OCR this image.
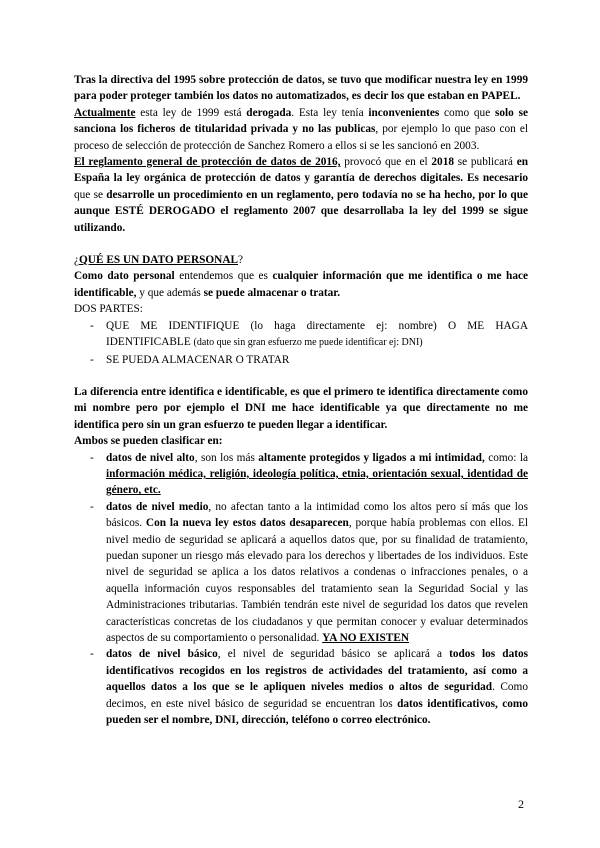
Tras la directiva del 1995 sobre protección de datos, se tuvo que modificar nuestra ley en 1999 para poder proteger también los datos no automatizados, es decir los que estaban en PAPEL.

Actualmente esta ley de 1999 está derogada. Esta ley tenía inconvenientes como que solo se sanciona los ficheros de titularidad privada y no las publicas, por ejemplo lo que paso con el proceso de selección de protección de Sanchez Romero a ellos si se les sancionó en 2003.

El reglamento general de protección de datos de 2016, provocó que en el 2018 se publicará en España la ley orgánica de protección de datos y garantía de derechos digitales. Es necesario que se desarrolle un procedimiento en un reglamento, pero todavía no se ha hecho, por lo que aunque ESTÉ DEROGADO el reglamento 2007 que desarrollaba la ley del 1999 se sigue utilizando.

¿QUÉ ES UN DATO PERSONAL?

Como dato personal entendemos que es cualquier información que me identifica o me hace identificable, y que además se puede almacenar o tratar.

DOS PARTES:

- QUE ME IDENTIFIQUE (lo haga directamente ej: nombre) O ME HAGA IDENTIFICABLE (dato que sin gran esfuerzo me puede identificar ej: DNI)
- SE PUEDA ALMACENAR O TRATAR

La diferencia entre identifica e identificable, es que el primero te identifica directamente como mi nombre pero por ejemplo el DNI me hace identificable ya que directamente no me identifica pero sin un gran esfuerzo te pueden llegar a identificar.

Ambos se pueden clasificar en:

- datos de nivel alto, son los más altamente protegidos y ligados a mi intimidad, como: la información médica, religión, ideología política, etnia, orientación sexual, identidad de género, etc.
- datos de nivel medio, no afectan tanto a la intimidad como los altos pero sí más que los básicos. Con la nueva ley estos datos desaparecen, porque había problemas con ellos. El nivel medio de seguridad se aplicará a aquellos datos que, por su finalidad de tratamiento, puedan suponer un riesgo más elevado para los derechos y libertades de los individuos. Este nivel de seguridad se aplica a los datos relativos a condenas o infracciones penales, o a aquella información cuyos responsables del tratamiento sean la Seguridad Social y las Administraciones tributarias. También tendrán este nivel de seguridad los datos que revelen características concretas de los ciudadanos y que permitan conocer y evaluar determinados aspectos de su comportamiento o personalidad. YA NO EXISTEN
- datos de nivel básico, el nivel de seguridad básico se aplicará a todos los datos identificativos recogidos en los registros de actividades del tratamiento, así como a aquellos datos a los que se le apliquen niveles medios o altos de seguridad. Como decimos, en este nivel básico de seguridad se encuentran los datos identificativos, como pueden ser el nombre, DNI, dirección, teléfono o correo electrónico.
2
